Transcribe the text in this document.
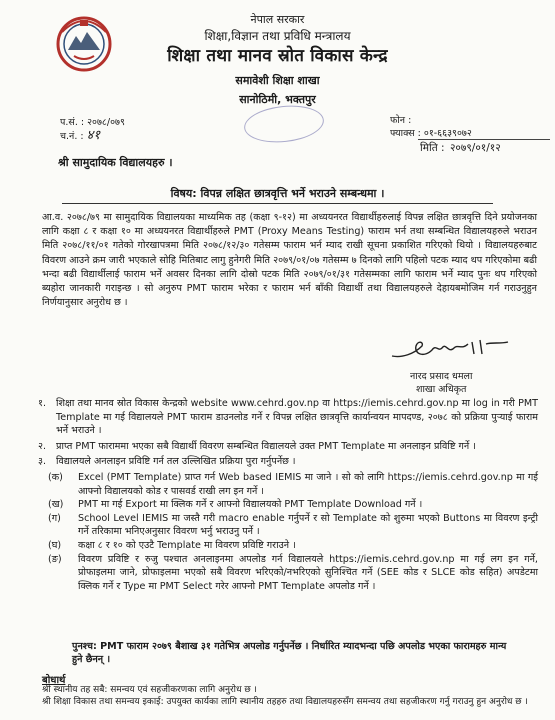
नेपाल सरकार
शिक्षा,विज्ञान तथा प्रविधि मन्त्रालय
शिक्षा तथा मानव स्रोत विकास केन्द्र
समावेशी शिक्षा शाखा
सानोठिमी, भक्तपुर
प.सं. : २०७८/०७९
च.नं. : ४१
फोन :
फ्याक्स : ०१-६६३९०७२
मिति : २०७९/०१/१२
श्री सामुदायिक विद्यालयहरु ।
विषय: विपन्न लक्षित छात्रवृत्ति भर्ने भराउने सम्बन्धमा ।
आ.व. २०७८/७९ मा सामुदायिक विद्यालयका माध्यमिक तह (कक्षा ९-१२) मा अध्ययनरत विद्यार्थीहरुलाई विपन्न लक्षित छात्रवृत्ति दिने प्रयोजनका लागि कक्षा ८ र कक्षा १० मा अध्ययनरत विद्यार्थीहरुले PMT (Proxy Means Testing) फाराम भर्न तथा सम्बन्धित विद्यालयहरुले भराउन मिति २०७८/११/०१ गतेको गोरखापत्रमा मिति २०७८/१२/३० गतेसम्म फाराम भर्न म्याद राखी सूचना प्रकाशित गरिएको थियो । विद्यालयहरुबाट विवरण आउने क्रम जारी भएकाले सोहि मितिबाट लागु हुनेगरी मिति २०७९/०१/०७ गतेसम्म ७ दिनको लागि पहिलो पटक म्याद थप गरिएकोमा बढी भन्दा बढी विद्यार्थीलाई फाराम भर्ने अवसर दिनका लागि दोस्रो पटक मिति २०७९/०१/३१ गतेसम्मका लागि फाराम भर्ने म्याद पुनः थप गरिएको ब्यहोरा जानकारी गराइन्छ । सो अनुरुप PMT फाराम भरेका र फाराम भर्न बाँकी विद्यार्थी तथा विद्यालयहरुले देहायबमोजिम गर्न गराउनुहुन निर्णयानुसार अनुरोध छ ।
नारद प्रसाद धमला
शाखा अधिकृत
१. शिक्षा तथा मानव स्रोत विकास केन्द्रको website www.cehrd.gov.np वा https://iemis.cehrd.gov.np मा log in गरी PMT Template मा गई विद्यालयले PMT फाराम डाउनलोड गर्ने र विपन्न लक्षित छात्रवृत्ति कार्यान्वयन मापदण्ड, २०७८ को प्रक्रिया पुऱ्याई फाराम भर्ने भराउने ।
२. प्राप्त PMT फाराममा भएका सबै विद्यार्थी विवरण सम्बन्धित विद्यालयले उक्त PMT Template मा अनलाइन प्रविष्टि गर्ने ।
३. विद्यालयले अनलाइन प्रविष्टि गर्न तल उल्लिखित प्रक्रिया पुरा गर्नुपर्नेछ ।
(क) Excel (PMT Template) प्राप्त गर्न Web based IEMIS मा जाने । सो को लागि https://iemis.cehrd.gov.np मा गई आफ्नो विद्यालयको कोड र पासवर्ड राखी लग इन गर्ने ।
(ख) PMT मा गई Export मा क्लिक गर्ने र आफ्नो विद्यालयको PMT Template Download गर्ने ।
(ग) School Level IEMIS मा जस्तै गरी macro enable गर्नुपर्ने र सो Template को शुरुमा भएको Buttons मा विवरण इन्ट्री गर्ने तरिकामा भनिएअनुसार विवरण भर्नु भराउनु पर्ने ।
(घ) कक्षा ८ र १० को एउटै Template मा विवरण प्रविष्टि गराउने ।
(ङ) विवरण प्रविष्टि र रुजु पश्चात अनलाइनमा अपलोड गर्न विद्यालयले https://iemis.cehrd.gov.np मा गई लग इन गर्ने, प्रोफाइलमा जाने, प्रोफाइलमा भएको सबै विवरण भरिएको/नभरिएको सुनिश्चित गर्ने (SEE कोड र SLCE कोड सहित) अपडेटमा क्लिक गर्ने र Type मा PMT Select गरेर आफ्नो PMT Template अपलोड गर्ने ।
पुनश्च: PMT फाराम २०७९ बैशाख ३१ गतेभित्र अपलोड गर्नुपर्नेछ । निर्धारित म्यादभन्दा पछि अपलोड भएका फारामहरु मान्य हुने छैनन् ।
बोधार्थ
श्री स्थानीय तह सबै: समन्वय एवं सहजीकरणका लागि अनुरोध छ ।
श्री शिक्षा विकास तथा समन्वय इकाई: उपयुक्त कार्यका लागि स्थानीय तहहरु तथा विद्यालयहरुसँग समन्वय तथा सहजीकरण गर्नु गराउनु हुन अनुरोध छ ।
